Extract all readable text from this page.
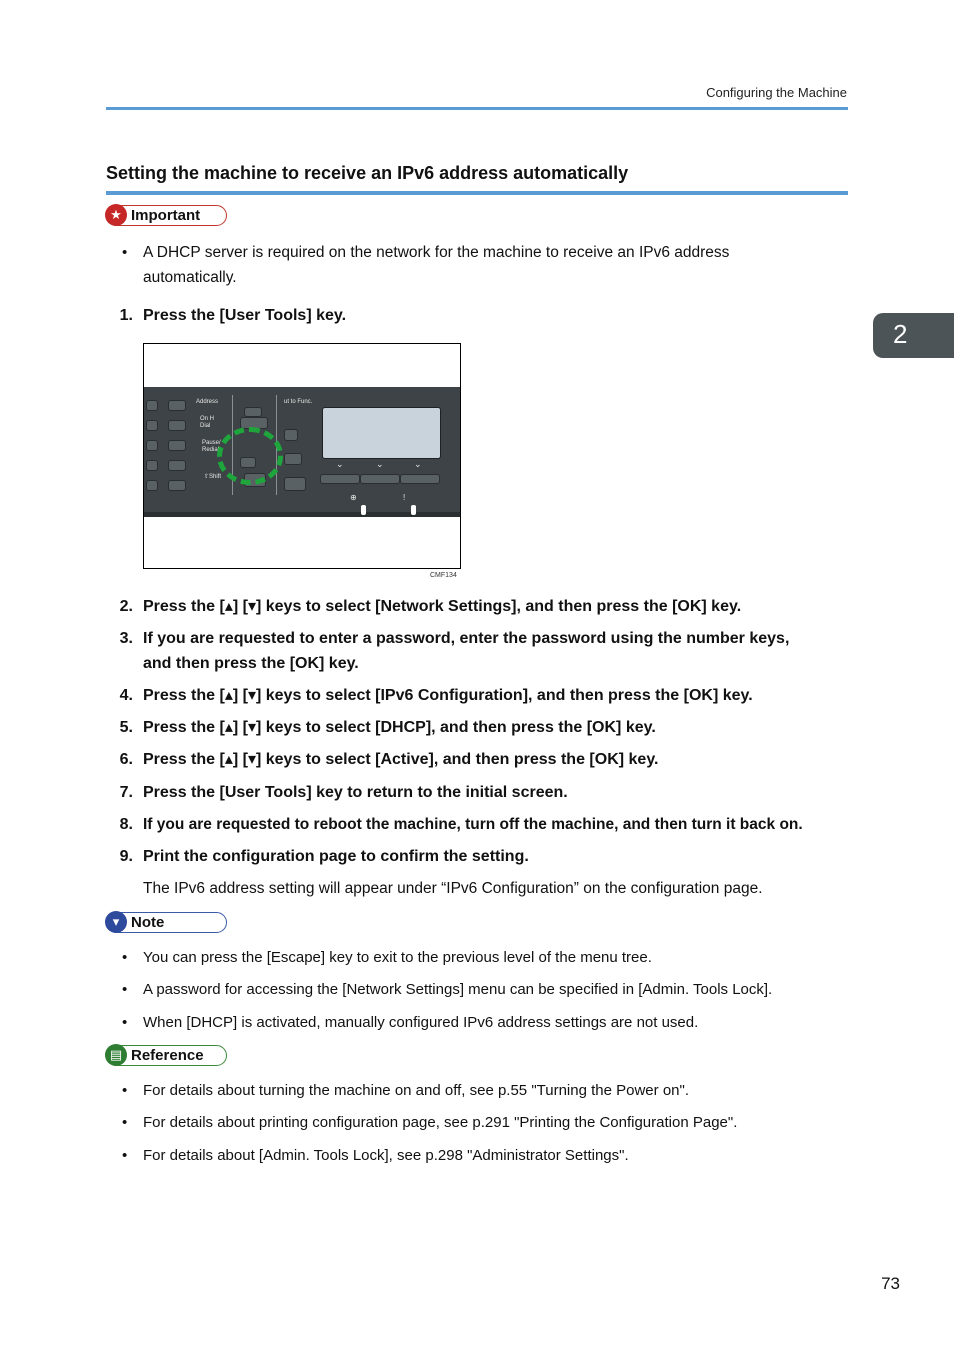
Configuring the Machine
Setting the machine to receive an IPv6 address automatically
★ Important
• A DHCP server is required on the network for the machine to receive an IPv6 address
automatically.
1. Press the [User Tools] key.
Address
On H
Dial
Pause/
Redial
⇧Shift
ut to Func.
⌄	⌄	⌄
⊕	!
CMF134
2. Press the [▴] [▾] keys to select [Network Settings], and then press the [OK] key.
3. If you are requested to enter a password, enter the password using the number keys,
and then press the [OK] key.
4. Press the [▴] [▾] keys to select [IPv6 Configuration], and then press the [OK] key.
5. Press the [▴] [▾] keys to select [DHCP], and then press the [OK] key.
6. Press the [▴] [▾] keys to select [Active], and then press the [OK] key.
7. Press the [User Tools] key to return to the initial screen.
8. If you are requested to reboot the machine, turn off the machine, and then turn it back on.
9. Print the configuration page to confirm the setting.
The IPv6 address setting will appear under “IPv6 Configuration” on the configuration page.
▾ Note
• You can press the [Escape] key to exit to the previous level of the menu tree.
• A password for accessing the [Network Settings] menu can be specified in [Admin. Tools Lock].
• When [DHCP] is activated, manually configured IPv6 address settings are not used.
▤ Reference
• For details about turning the machine on and off, see p.55 "Turning the Power on".
• For details about printing configuration page, see p.291 "Printing the Configuration Page".
• For details about [Admin. Tools Lock], see p.298 "Administrator Settings".
2
73
